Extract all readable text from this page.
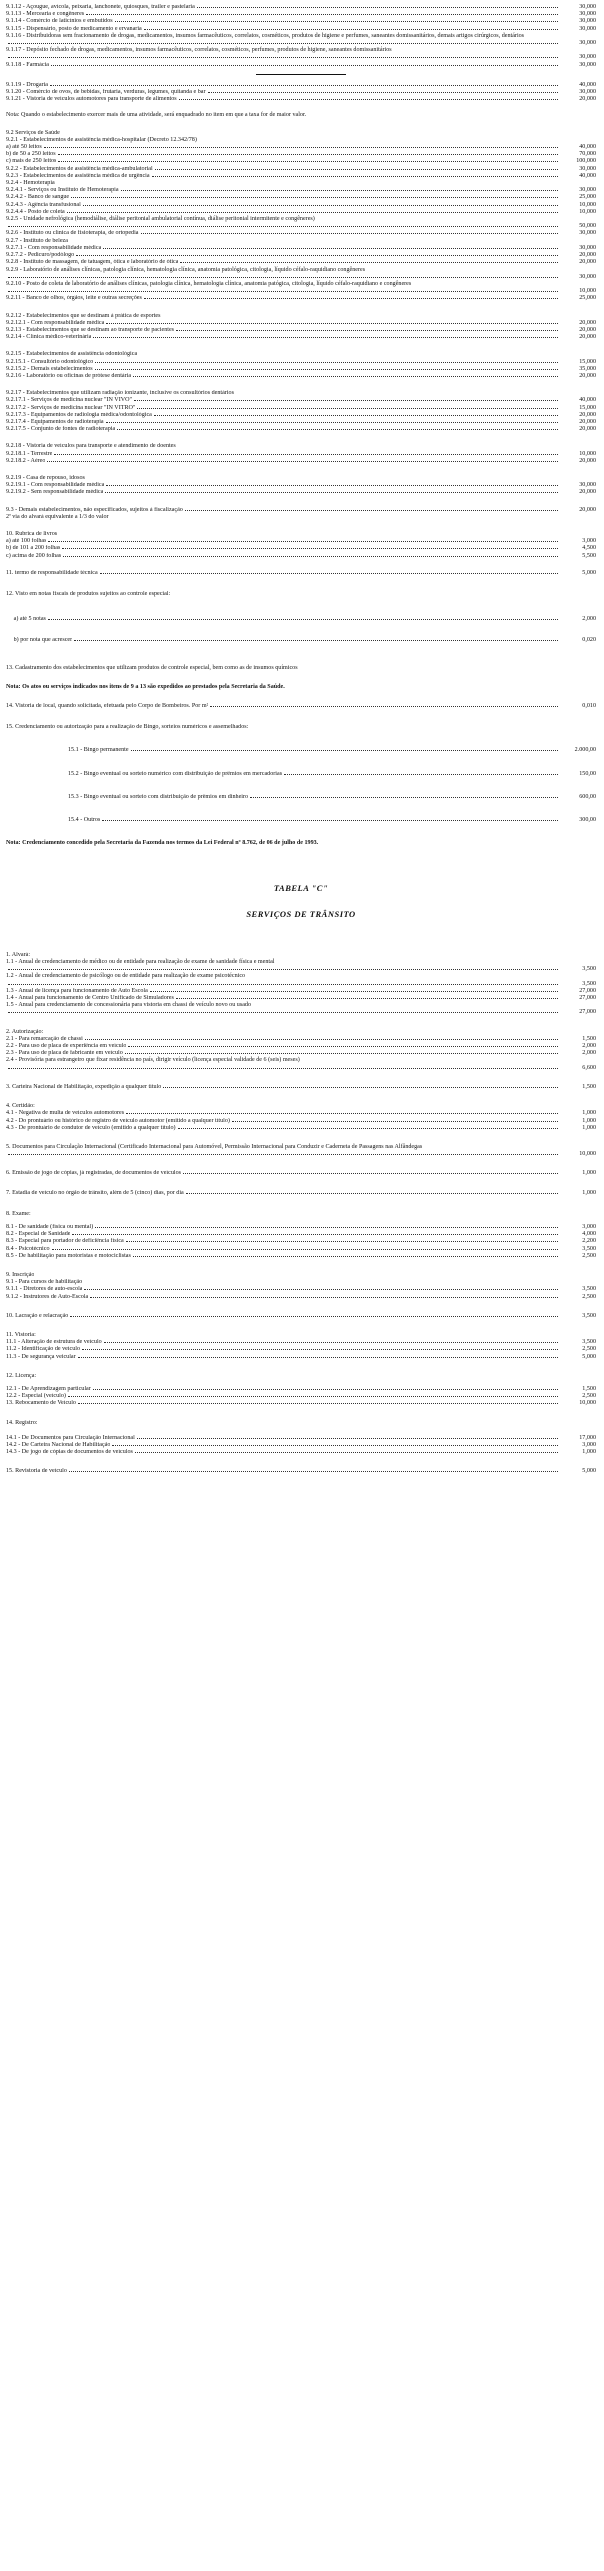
9.1.12 - Açougue, avícola, peixaria, lanchonete, quiosques, trailer e pastelaria	30,000
9.1.13 - Mercearia e congêneres	30,000
9.1.14 - Comércio de laticínios e embutidos	30,000
9.1.15 - Dispensário, posto de medicamento e ervanaria	30,000
9.1.16 - Distribuidoras sem fracionamento de drogas, medicamentos, insumos farmacêuticos, correlatos, cosméticos, produtos de higiene e perfumes, saneantes domissanitários, demais artigos cirúrgicos, dentários
30,000
9.1.17 - Depósito fechado de drogas, medicamentos, insumos farmacêuticos, correlatos, cosméticos, perfumes, produtos de higiene, saneantes domissanitários
30,000
9.1.18 - Farmácia	30,000
9.1.19 - Drogaria	40,000
9.1.20 - Comércio de ovos, de bebidas, frutaria, verduras, legumes, quitanda e bar	30,000
9.1.21 - Vistoria de veículos automotores para transporte de alimentos	20,000
Nota: Quando o estabelecimento exercer mais de uma atividade, será enquadrado no item em que a taxa for de maior valor.
9.2 Serviços de Saúde
9.2.1 - Estabelecimentos de assistência médica-hospitalar (Decreto 12.342/78)
a) até 50 leitos	40,000
b) de 50 a 250 leitos	70,000
c) mais de 250 leitos	100,000
9.2.2 - Estabelecimentos de assistência médica-ambulatorial	30,000
9.2.3 - Estabelecimentos de assistência médica de urgência	40,000
9.2.4 - Hemoterapia
9.2.4.1 - Serviços ou Instituto de Hemoterapia	30,000
9.2.4.2 - Banco de sangue	25,000
9.2.4.3 - Agência transfusional	10,000
9.2.4.4 - Posto de coleta	10,000
9.2.5 - Unidade nefrológica (hemodiálise, diálise peritonial ambulatorial contínua, diálise peritonial intermitente e congêneres)
50,000
9.2.6 - Instituto ou clínica de fisioterapia, de ortopedia	30,000
9.2.7 - Instituto de beleza
9.2.7.1 - Com responsabilidade médica	30,000
9.2.7.2 - Pedicuro/podólogo	20,000
9.2.8 - Instituto de massagem, de tatuagem, ótica e laboratório de ótica	20,000
9.2.9 - Laboratório de análises clínicas, patologia clínica, hematologia clínica, anatomia patológica, citologia, líquido céfalo-raquidiano congêneres
30,000
9.2.10 - Posto de coleta de laboratório de análises clínicas, patologia clínica, hematologia clínica, anatomia patógica, citologia, líquido céfalo-raquidiano e congêneres
10,000
9.2.11 - Banco de olhos, órgãos, leite e outras secreções	25,000
9.2.12 - Estabelecimentos que se destinam à prática de esportes
9.2.12.1 - Com responsabilidade médica	20,000
9.2.13 - Estabelecimentos que se destinam ao transporte de pacientes	20,000
9.2.14 - Clínica médico-veterinária	20,000
9.2.15 - Estabelecimentos de assistência odontológica
9.2.15.1 - Consultório odontológico	15,000
9.2.15.2 - Demais estabelecimentos	35,000
9.2.16 - Laboratório ou oficinas de prótese dentária	20,000
9.2.17 - Estabelecimentos que utilizam radiação ionizante, inclusive os consultórios dentários
9.2.17.1 - Serviços de medicina nuclear "IN VIVO"	40,000
9.2.17.2 - Serviços de medicina nuclear "IN VITRO"	15,000
9.2.17.3 - Equipamentos de radiologia médica/odontológica	20,000
9.2.17.4 - Equipamentos de radioterapia	20,000
9.2.17.5 - Conjunto de fontes de radioterapia	20,000
9.2.18 - Vistoria de veículos para transporte e atendimento de doentes
9.2.18.1 - Terrestre	10,000
9.2.18.2 - Aéreo	20,000
9.2.19 - Casa de repouso, idosos
9.2.19.1 - Com responsabilidade médica	30,000
9.2.19.2 - Sem responsabilidade médica	20,000
9.3 - Demais estabelecimentos, não especificados, sujeitos à fiscalização	20,000
2ª via do alvará equivalente a 1/3 do valor
10. Rubrica de livros
a) até 100 folhas	3,000
b) de 101 a 200 folhas	4,500
c) acima de 200 folhas	5,500
11. termo de responsabilidade técnica	5,000
12. Visto em notas fiscais de produtos sujeitos ao controle especial:
a) até 5 notas	2,000
b) por nota que acrescer	0,020
13. Cadastramento dos estabelecimentos que utilizam produtos de controle especial, bem como as de insumos químicos
Nota: Os atos ou serviços indicados nos itens de 9 a 13 são expedidos ao prestados pela Secretaria da Saúde.
14. Vistoria de local, quando solicitada, efetuada pelo Corpo de Bombeiros. Por m²	0,010
15. Credenciamento ou autorização para a realização de Bingo, sorteios numéricos e assemelhados:
15.1 - Bingo permanente	2.000,00
15.2 - Bingo eventual ou sorteio numérico com distribuição de prêmios em mercadorias	150,00
15.3 - Bingo eventual ou sorteio com distribuição de prêmios em dinheiro	600,00
15.4 - Outros	300,00
Nota: Credenciamento concedido pela Secretaria da Fazenda nos termos da Lei Federal nº 8.762, de 06 de julho de 1993.
TABELA "C"
SERVIÇOS DE TRÂNSITO
1. Alvará:
1.1 - Anual de credenciamento de médico ou de entidade para realização de exame de sanidade física e mental
3,500
1.2 - Anual de credenciamento de psicólogo ou de entidade para realização de exame psicotécnico
3,500
1.3 - Anual de licença para funcionamento de Auto Escola	27,000
1.4 - Anual para funcionamento de Centro Unificado de Simuladores	27,000
1.5 - Anual para credenciamento de concessionária para vistoria em chassi de veículo novo ou usado
27,000
2. Autorização:
2.1 - Para remarcação de chassi	1,500
2.2 - Para uso de placa de experiência em veículo	2,000
2.3 - Para uso de placa de fabricante em veículo	2,000
2.4 - Provisória para estrangeiro que fixar residência no país, dirigir veículo (licença especial validade de 6 (seis) meses)
6,600
3. Carteira Nacional de Habilitação, expedição a qualquer título	1,500
4. Certidão:
4.1 - Negativa de multa de veículos automotores	1,000
4.2 - Do prontuário ou histórico de registro de veículo automotor (emitido a qualquer título)	1,000
4.3 - De prontuário de condutor de veículo (emitido a qualquer título)	1,000
5. Documentos para Circulação Internacional (Certificado Internacional para Automóvel, Permissão Internacional para Conduzir e Caderneta de Passagens nas Alfândegas
10,000
6. Emissão de jogo de cópias, já registradas, de documentos de veículos	1,000
7. Estadia de veículo no órgão de trânsito, além de 5 (cinco) dias, por dia	1,000
8. Exame:
8.1 - De sanidade (física ou mental)	3,000
8.2 - Especial de Sanidade	4,000
8.3 - Especial para portador de deficiência física	2,200
8.4 - Psicotécnico	3,500
8.5 - De habilitação para motoristas e motociclistas	2,500
9. Inscrição
9.1 - Para cursos de habilitação
9.1.1 - Diretores de auto-escola	3,500
9.1.2 - Instrutores de Auto-Escola	2,500
10. Lacração e relacração	3,500
11. Vistoria:
11.1 - Alteração de estrutura de veículo	3,500
11.2 - Identificação de veículo	2,500
11.3 - De segurança veicular	5,000
12. Licença:
12.1 - De Aprendizagem particular	1,500
12.2 - Especial (veículo)	2,500
13. Rebocamento de Veículo	10,000
14. Registro:
14.1 - De Documentos para Circulação Internacional	17,000
14.2 - De Carteira Nacional de Habilitação	3,000
14.3 - De jogo de cópias de documentos de veículos	1,000
15. Revistoria de veículo	5,000
